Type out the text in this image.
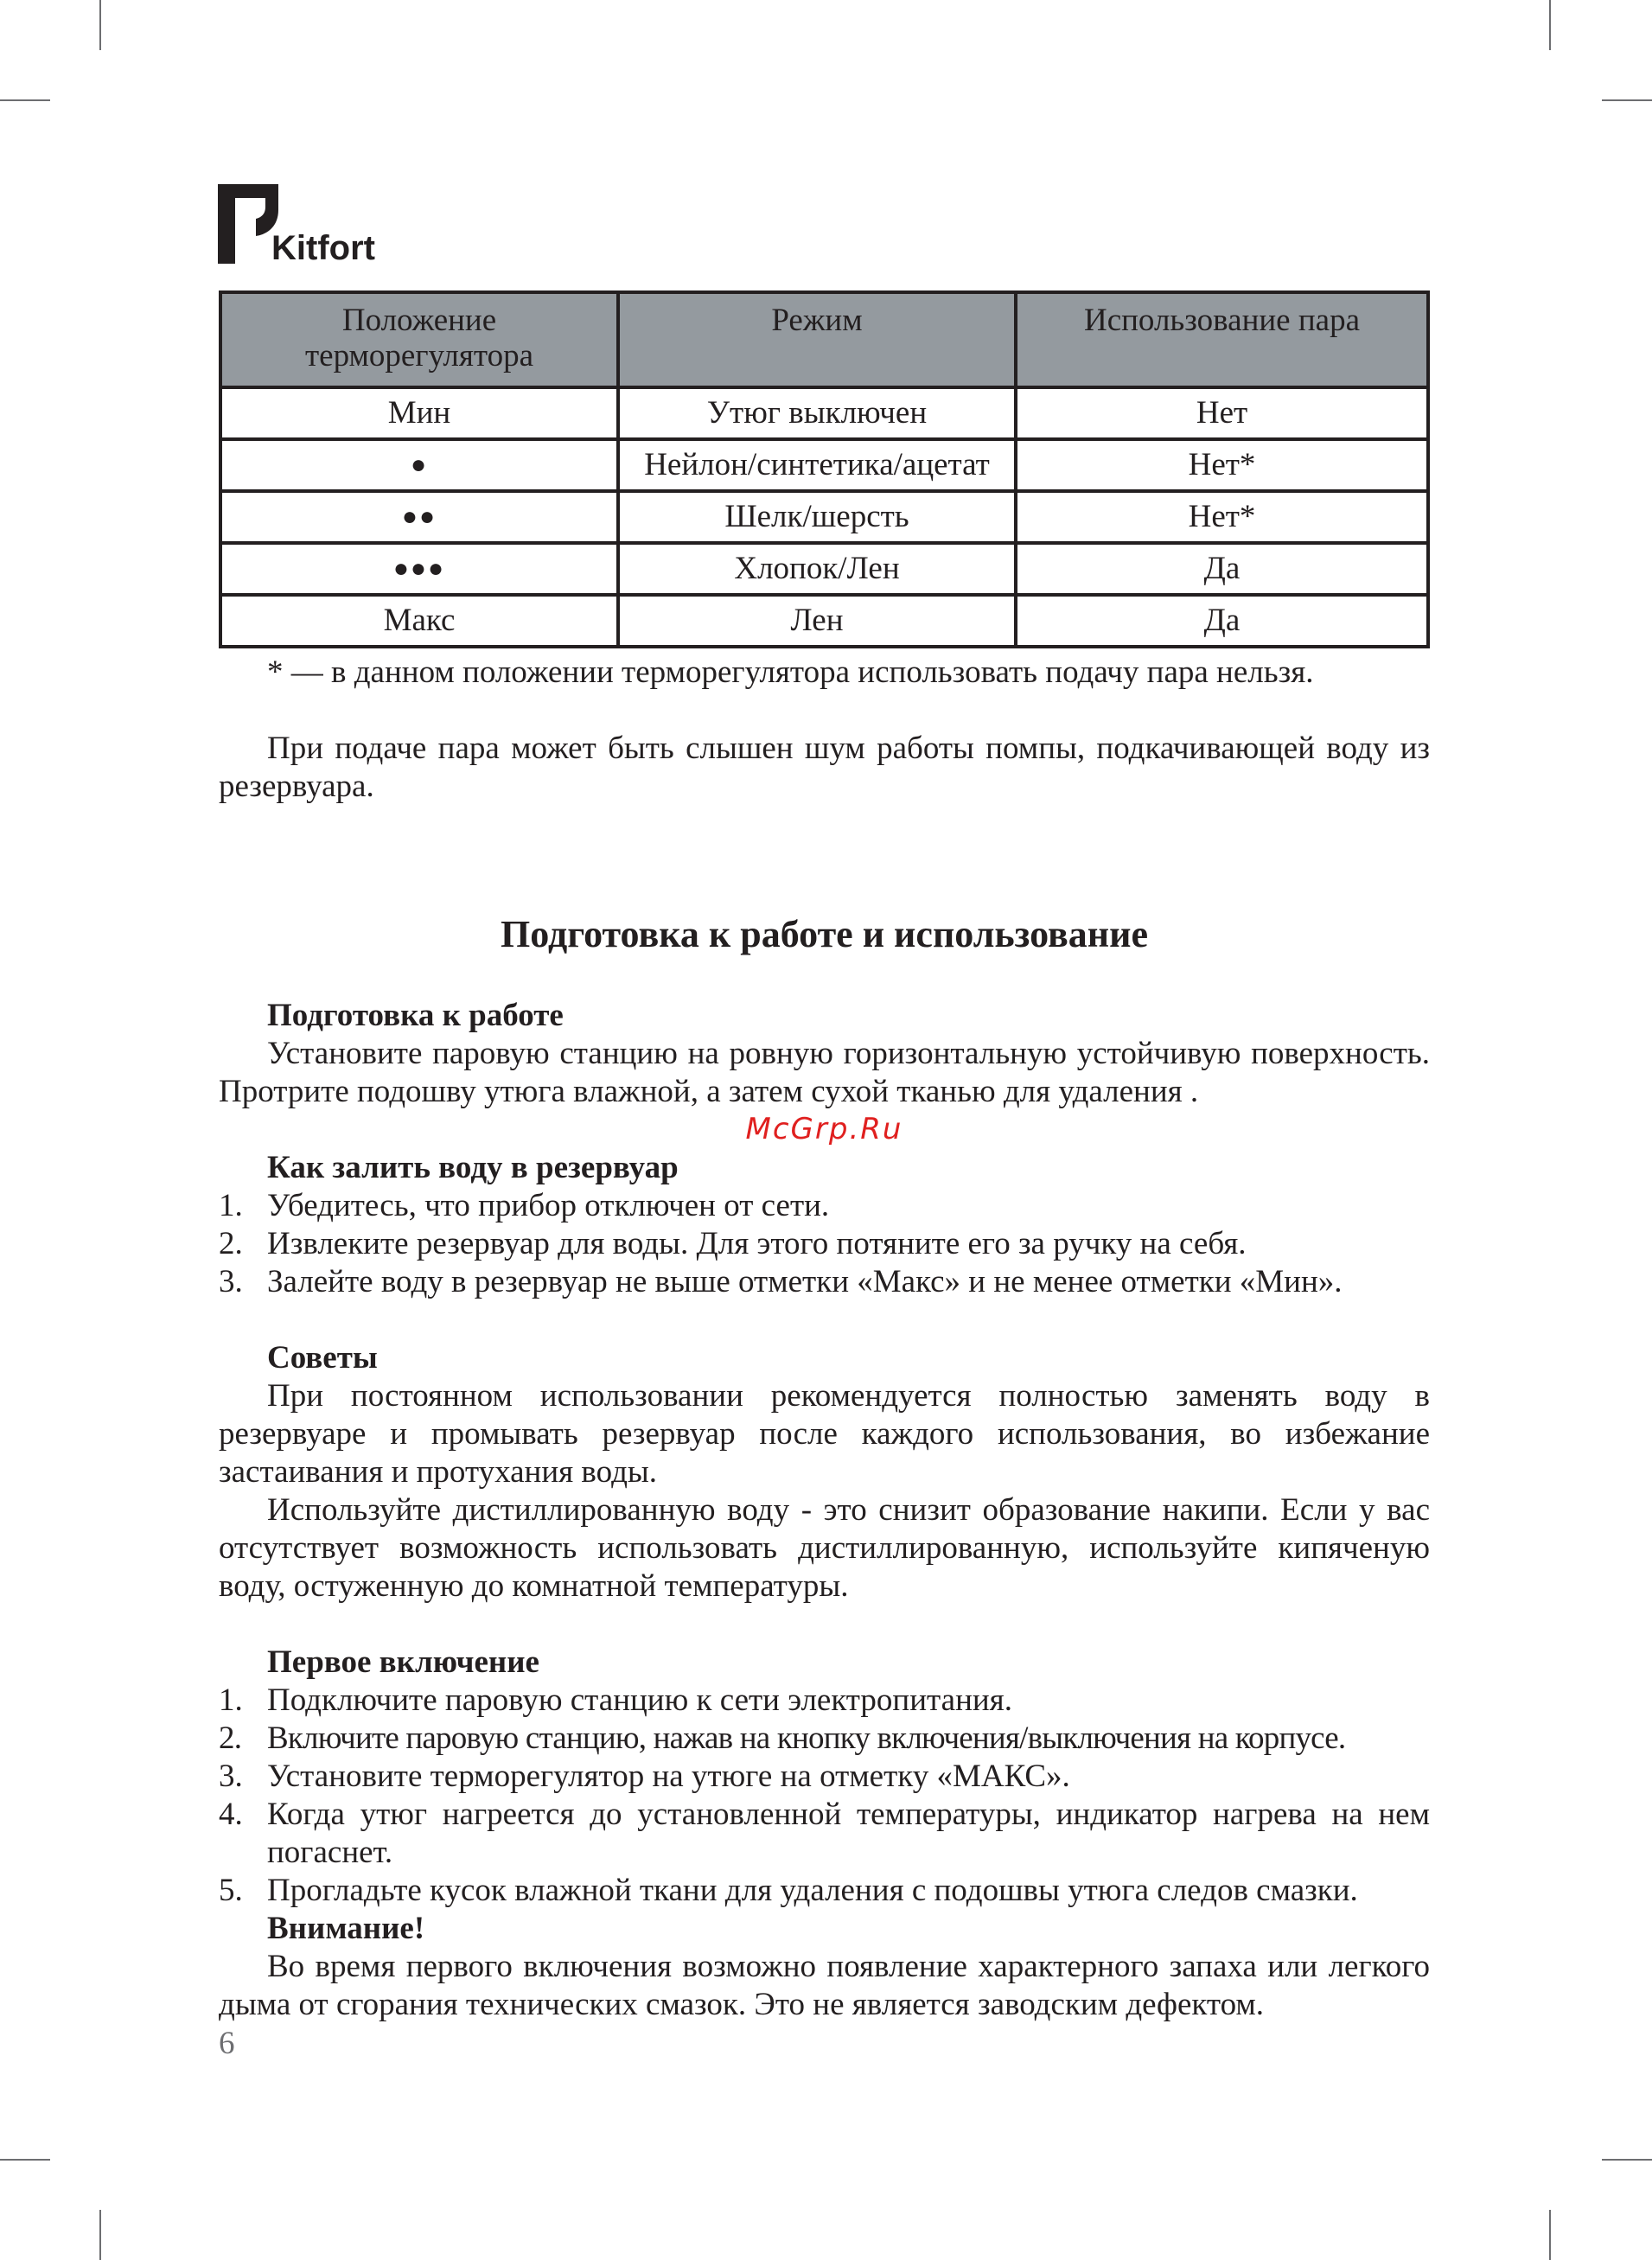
Kitfort
Положение терморегулятора	Режим	Использование пара
Мин	Утюг выключен	Нет
●	Нейлон/синтетика/ацетат	Нет*
●●	Шелк/шерсть	Нет*
●●●	Хлопок/Лен	Да
Макс	Лен	Да
* — в данном положении терморегулятора использовать подачу пара нельзя.

При подаче пара может быть слышен шум работы помпы, подкачивающей воду из резервуара.

Подготовка к работе и использование
Подготовка к работе

Установите паровую станцию на ровную горизонтальную устойчивую поверхность. Протрите подошву утюга влажной, а затем сухой тканью для удаления .

McGrp.Ru
Как залить воду в резервуар
1. Убедитесь, что прибор отключен от сети.
2. Извлеките резервуар для воды. Для этого потяните его за ручку на себя.
3. Залейте воду в резервуар не выше отметки «Макс» и не менее отметки «Мин».
Советы

При постоянном использовании рекомендуется полностью заменять воду в резервуаре и промывать резервуар после каждого использования, во избежание застаивания и протухания воды.

Используйте дистиллированную воду - это снизит образование накипи. Если у вас отсутствует возможность использовать дистиллированную, используйте кипяченую воду, остуженную до комнатной температуры.

Первое включение
1. Подключите паровую станцию к сети электропитания.
2. Включите паровую станцию, нажав на кнопку включения/выключения на корпусе.
3. Установите терморегулятор на утюге на отметку «МАКС».
4. Когда утюг нагреется до установленной температуры, индикатор нагрева на нем погаснет.
5. Прогладьте кусок влажной ткани для удаления с подошвы утюга следов смазки.
Внимание!

Во время первого включения возможно появление характерного запаха или легкого дыма от сгорания технических смазок. Это не является заводским дефектом.

6
